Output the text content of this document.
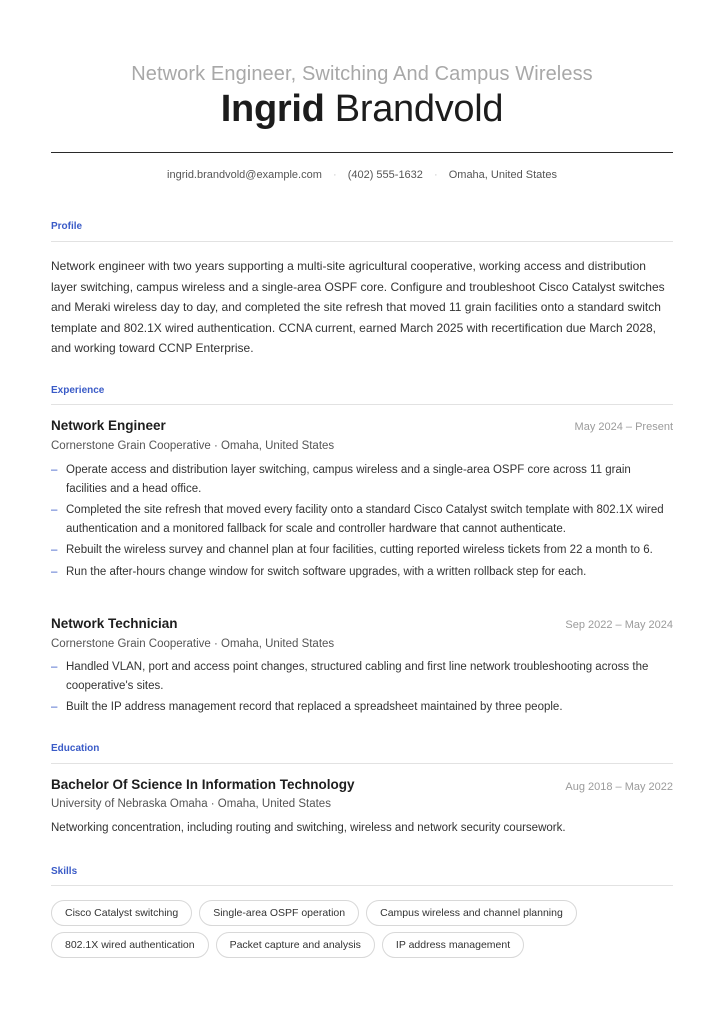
Network Engineer, Switching And Campus Wireless
Ingrid Brandvold
ingrid.brandvold@example.com · (402) 555-1632 · Omaha, United States
Profile
Network engineer with two years supporting a multi-site agricultural cooperative, working access and distribution layer switching, campus wireless and a single-area OSPF core. Configure and troubleshoot Cisco Catalyst switches and Meraki wireless day to day, and completed the site refresh that moved 11 grain facilities onto a standard switch template and 802.1X wired authentication. CCNA current, earned March 2025 with recertification due March 2028, and working toward CCNP Enterprise.
Experience
Network Engineer	May 2024 – Present
Cornerstone Grain Cooperative · Omaha, United States
– Operate access and distribution layer switching, campus wireless and a single-area OSPF core across 11 grain facilities and a head office.
– Completed the site refresh that moved every facility onto a standard Cisco Catalyst switch template with 802.1X wired authentication and a monitored fallback for scale and controller hardware that cannot authenticate.
– Rebuilt the wireless survey and channel plan at four facilities, cutting reported wireless tickets from 22 a month to 6.
– Run the after-hours change window for switch software upgrades, with a written rollback step for each.
Network Technician	Sep 2022 – May 2024
Cornerstone Grain Cooperative · Omaha, United States
– Handled VLAN, port and access point changes, structured cabling and first line network troubleshooting across the cooperative's sites.
– Built the IP address management record that replaced a spreadsheet maintained by three people.
Education
Bachelor Of Science In Information Technology	Aug 2018 – May 2022
University of Nebraska Omaha · Omaha, United States
Networking concentration, including routing and switching, wireless and network security coursework.
Skills
Cisco Catalyst switching	Single-area OSPF operation	Campus wireless and channel planning
802.1X wired authentication	Packet capture and analysis	IP address management
